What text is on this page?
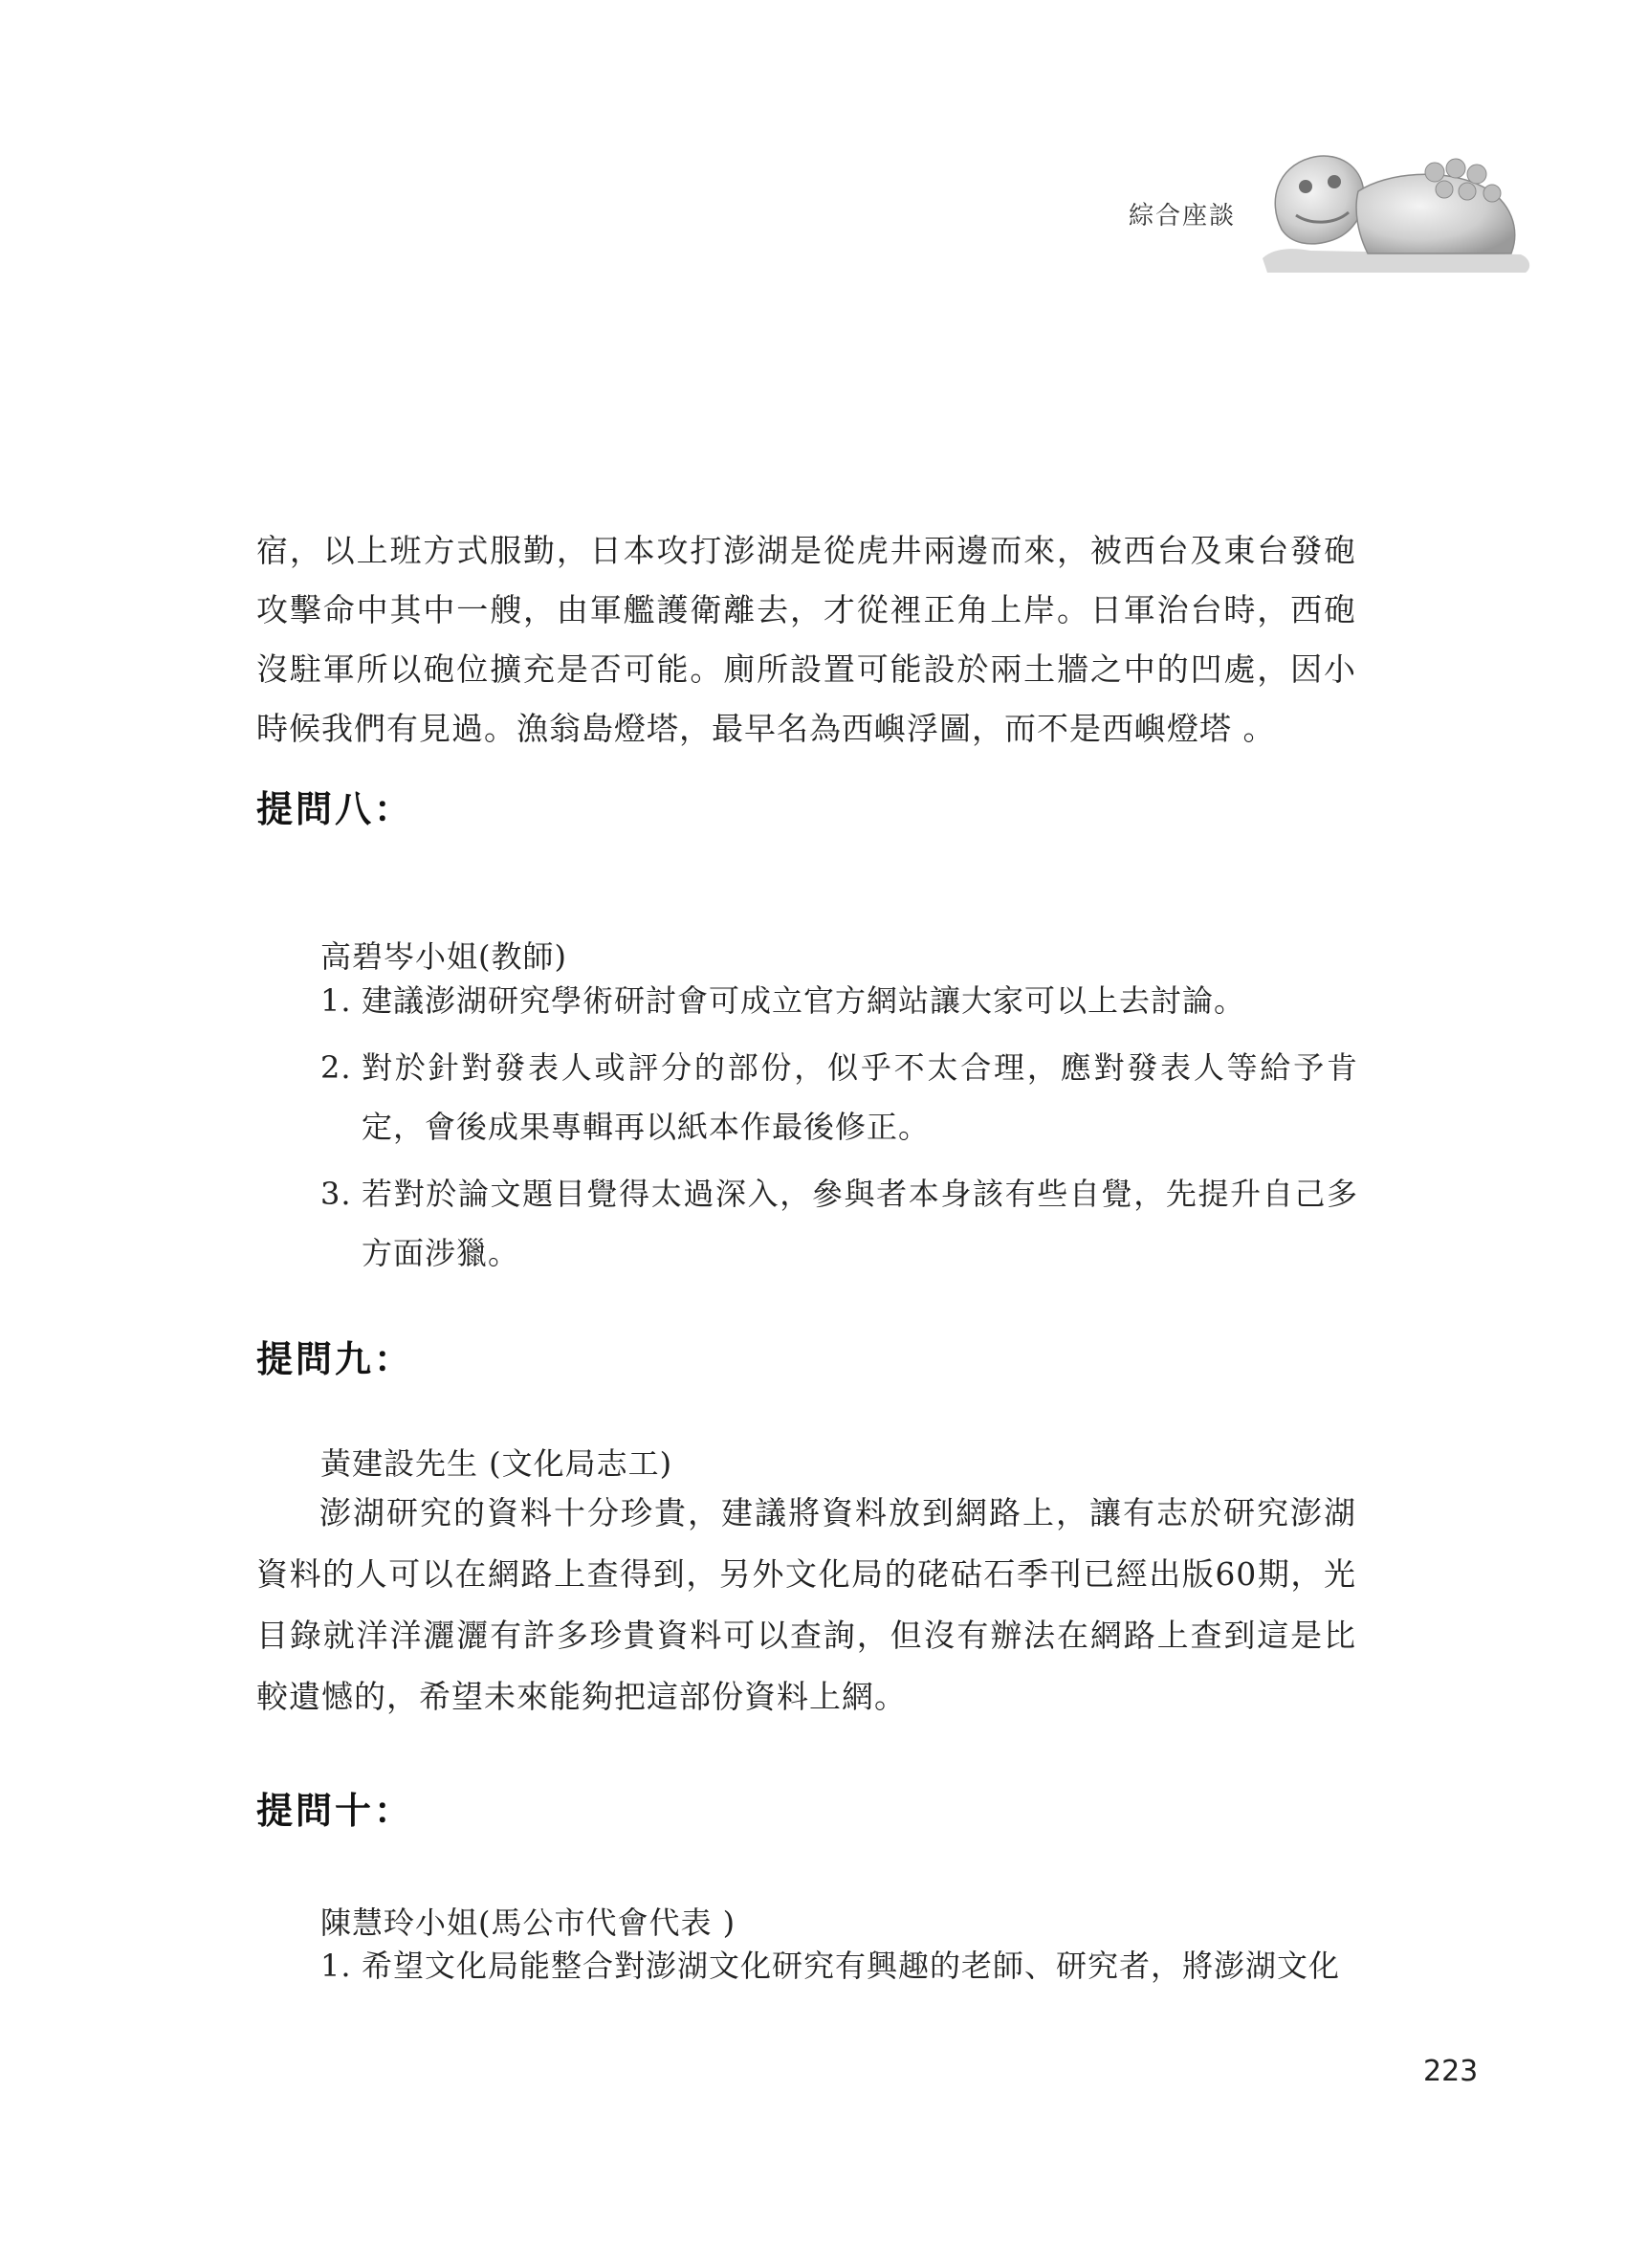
綜合座談

宿，以上班方式服勤，日本攻打澎湖是從虎井兩邊而來，被西台及東台發砲攻擊命中其中一艘，由軍艦護衛離去，才從裡正角上岸。日軍治台時，西砲沒駐軍所以砲位擴充是否可能。廁所設置可能設於兩土牆之中的凹處，因小時候我們有見過。漁翁島燈塔，最早名為西嶼浮圖，而不是西嶼燈塔 。

提問八：
高碧岑小姐(教師)
1. 建議澎湖研究學術研討會可成立官方網站讓大家可以上去討論。
2. 對於針對發表人或評分的部份，似乎不太合理，應對發表人等給予肯定，會後成果專輯再以紙本作最後修正。
3. 若對於論文題目覺得太過深入，參與者本身該有些自覺，先提升自己多方面涉獵。
提問九：
黃建設先生 (文化局志工)
澎湖研究的資料十分珍貴，建議將資料放到網路上，讓有志於研究澎湖資料的人可以在網路上查得到，另外文化局的硓𥑮石季刊已經出版60期，光目錄就洋洋灑灑有許多珍貴資料可以查詢，但沒有辦法在網路上查到這是比較遺憾的，希望未來能夠把這部份資料上網。
提問十：
陳慧玲小姐(馬公市代會代表 )
1. 希望文化局能整合對澎湖文化研究有興趣的老師、研究者，將澎湖文化
223
